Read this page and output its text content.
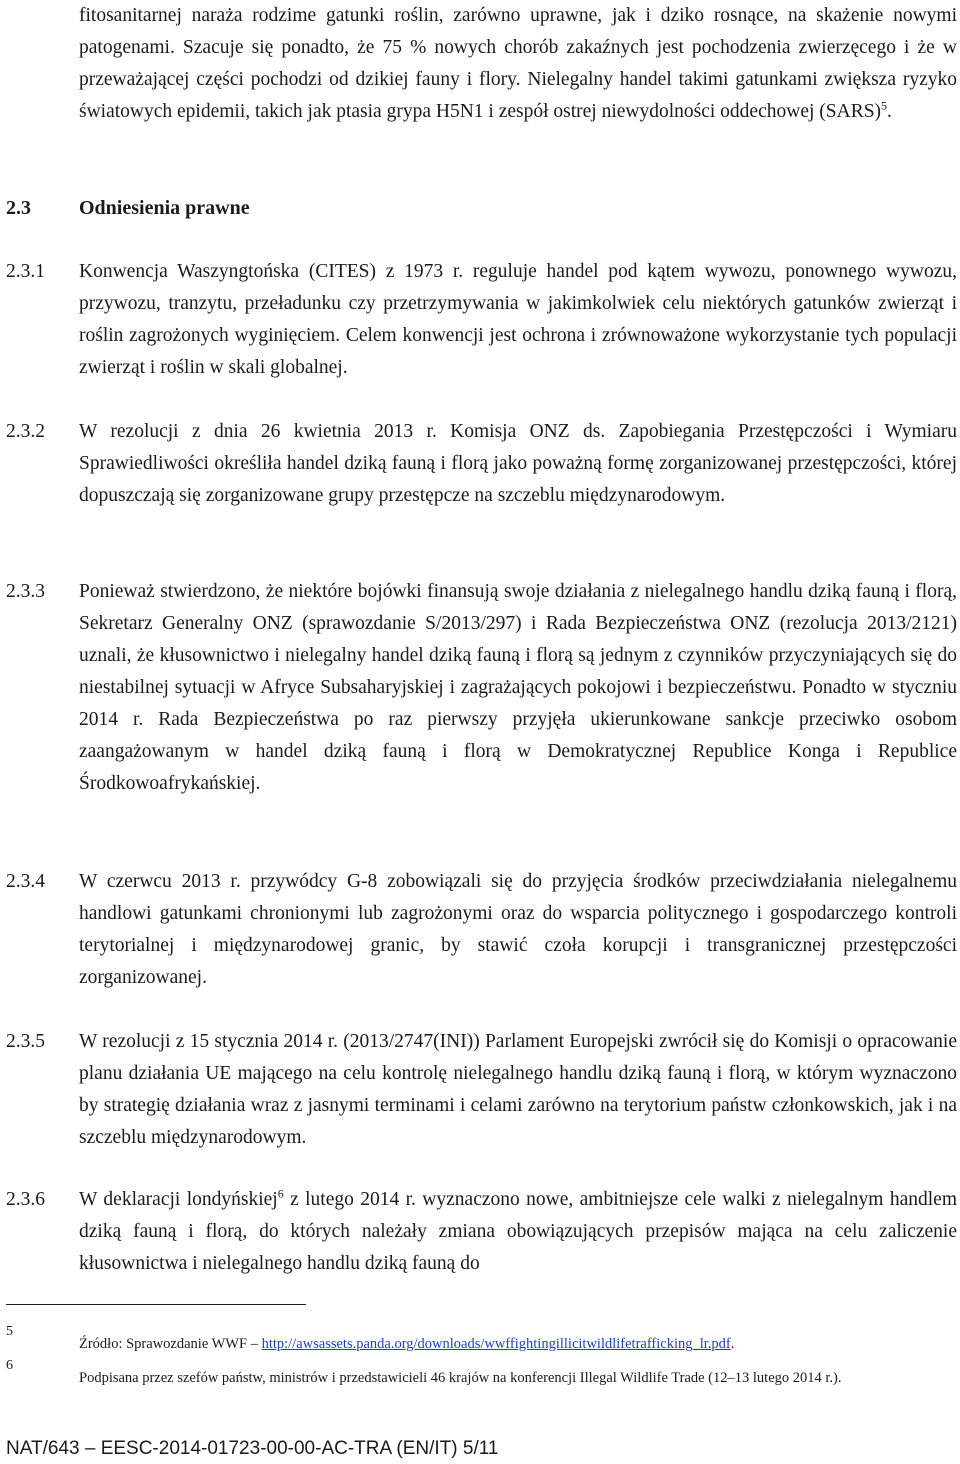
fitosanitarnej naraża rodzime gatunki roślin, zarówno uprawne, jak i dziko rosnące, na skażenie nowymi patogenami. Szacuje się ponadto, że 75 % nowych chorób zakaźnych jest pochodzenia zwierzęcego i że w przeważającej części pochodzi od dzikiej fauny i flory. Nielegalny handel takimi gatunkami zwiększa ryzyko światowych epidemii, takich jak ptasia grypa H5N1 i zespół ostrej niewydolności oddechowej (SARS)$^5$.

2.3 Odniesienia prawne
2.3.1 Konwencja Waszyngtońska (CITES) z 1973 r. reguluje handel pod kątem wywozu, ponownego wywozu, przywozu, tranzytu, przeładunku czy przetrzymywania w jakimkolwiek celu niektórych gatunków zwierząt i roślin zagrożonych wyginięciem. Celem konwencji jest ochrona i zrównoważone wykorzystanie tych populacji zwierząt i roślin w skali globalnej.
2.3.2 W rezolucji z dnia 26 kwietnia 2013 r. Komisja ONZ ds. Zapobiegania Przestępczości i Wymiaru Sprawiedliwości określiła handel dziką fauną i florą jako poważną formę zorganizowanej przestępczości, której dopuszczają się zorganizowane grupy przestępcze na szczeblu międzynarodowym.
2.3.3 Ponieważ stwierdzono, że niektóre bojówki finansują swoje działania z nielegalnego handlu dziką fauną i florą, Sekretarz Generalny ONZ (sprawozdanie S/2013/297) i Rada Bezpieczeństwa ONZ (rezolucja 2013/2121) uznali, że kłusownictwo i nielegalny handel dziką fauną i florą są jednym z czynników przyczyniających się do niestabilnej sytuacji w Afryce Subsaharyjskiej i zagrażających pokojowi i bezpieczeństwu. Ponadto w styczniu 2014 r. Rada Bezpieczeństwa po raz pierwszy przyjęła ukierunkowane sankcje przeciwko osobom zaangażowanym w handel dziką fauną i florą w Demokratycznej Republice Konga i Republice Środkowoafrykańskiej.
2.3.4 W czerwcu 2013 r. przywódcy G-8 zobowiązali się do przyjęcia środków przeciwdziałania nielegalnemu handlowi gatunkami chronionymi lub zagrożonymi oraz do wsparcia politycznego i gospodarczego kontroli terytorialnej i międzynarodowej granic, by stawić czoła korupcji i transgranicznej przestępczości zorganizowanej.
2.3.5 W rezolucji z 15 stycznia 2014 r. (2013/2747(INI)) Parlament Europejski zwrócił się do Komisji o opracowanie planu działania UE mającego na celu kontrolę nielegalnego handlu dziką fauną i florą, w którym wyznaczono by strategię działania wraz z jasnymi terminami i celami zarówno na terytorium państw członkowskich, jak i na szczeblu międzynarodowym.
2.3.6 W deklaracji londyńskiej$^6$ z lutego 2014 r. wyznaczono nowe, ambitniejsze cele walki z nielegalnym handlem dziką fauną i florą, do których należały zmiana obowiązujących przepisów mająca na celu zaliczenie kłusownictwa i nielegalnego handlu dziką fauną do
5
Źródło: Sprawozdanie WWF – http://awsassets.panda.org/downloads/wwffightingillicitwildlifetrafficking_lr.pdf.
6
Podpisana przez szefów państw, ministrów i przedstawicieli 46 krajów na konferencji Illegal Wildlife Trade (12–13 lutego 2014 r.).
NAT/643 – EESC-2014-01723-00-00-AC-TRA (EN/IT) 5/11
